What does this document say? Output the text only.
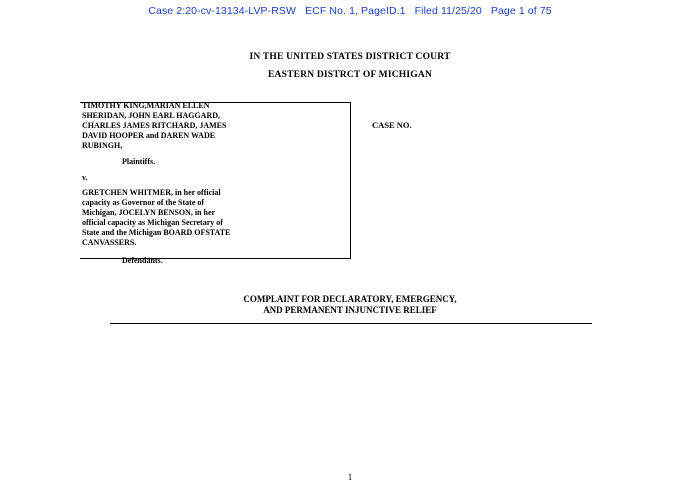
Case 2:20-cv-13134-LVP-RSW   ECF No. 1, PageID.1   Filed 11/25/20   Page 1 of 75
IN THE UNITED STATES DISTRICT COURT
EASTERN DISTRCT OF MICHIGAN

TIMOTHY KING,MARIAN ELLEN

SHERIDAN, JOHN EARL HAGGARD,

CHARLES JAMES RITCHARD, JAMES

DAVID HOOPER and DAREN WADE

RUBINGH,

Plaintiffs.

v.

GRETCHEN WHITMER, in her official

capacity as Governor of the State of

Michigan, JOCELYN BENSON, in her

official capacity as Michigan Secretary of

State and the Michigan BOARD OFSTATE

CANVASSERS.

Defendants.

CASE NO.
COMPLAINT FOR DECLARATORY, EMERGENCY,
AND PERMANENT INJUNCTIVE RELIEF
1
